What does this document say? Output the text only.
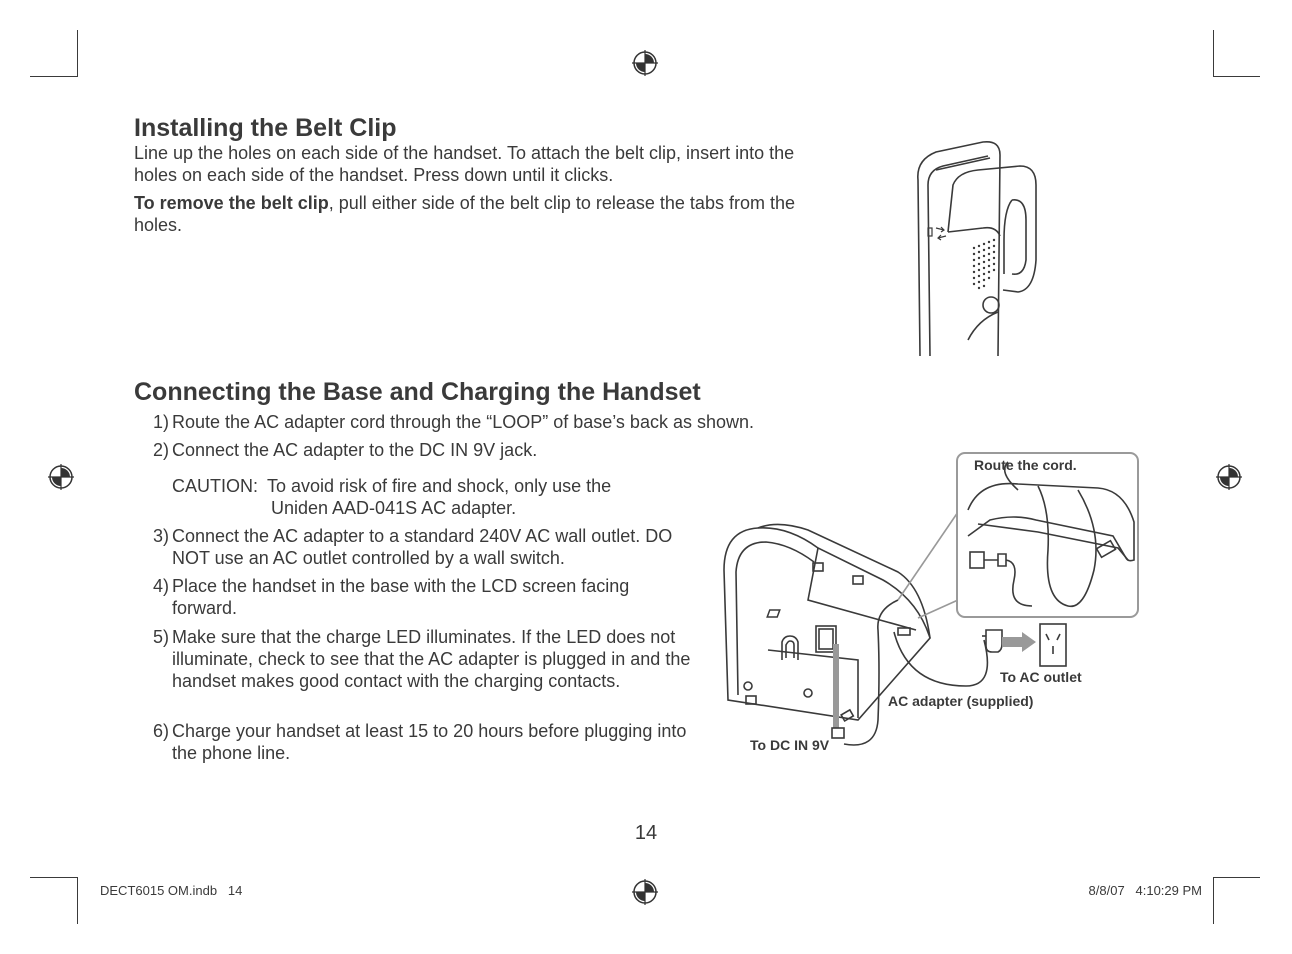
Installing the Belt Clip

Line up the holes on each side of the handset. To attach the belt clip, insert into the holes on each side of the handset. Press down until it clicks.

To remove the belt clip, pull either side of the belt clip to release the tabs from the holes.

Connecting the Base and Charging the Handset
1) Route the AC adapter cord through the “LOOP” of base’s back as shown.
2) Connect the AC adapter to the DC IN 9V jack.
CAUTION: To avoid risk of fire and shock, only use the Uniden AAD-041S AC adapter.
3) Connect the AC adapter to a standard 240V AC wall outlet. DO NOT use an AC outlet controlled by a wall switch.
4) Place the handset in the base with the LCD screen facing forward.
5) Make sure that the charge LED illuminates. If the LED does not illuminate, check to see that the AC adapter is plugged in and the handset makes good contact with the charging contacts.
6) Charge your handset at least 15 to 20 hours before plugging into the phone line.
Route the cord.
To AC outlet
AC adapter (supplied)
To DC IN 9V
14
DECT6015 OM.indb   14	8/8/07   4:10:29 PM
